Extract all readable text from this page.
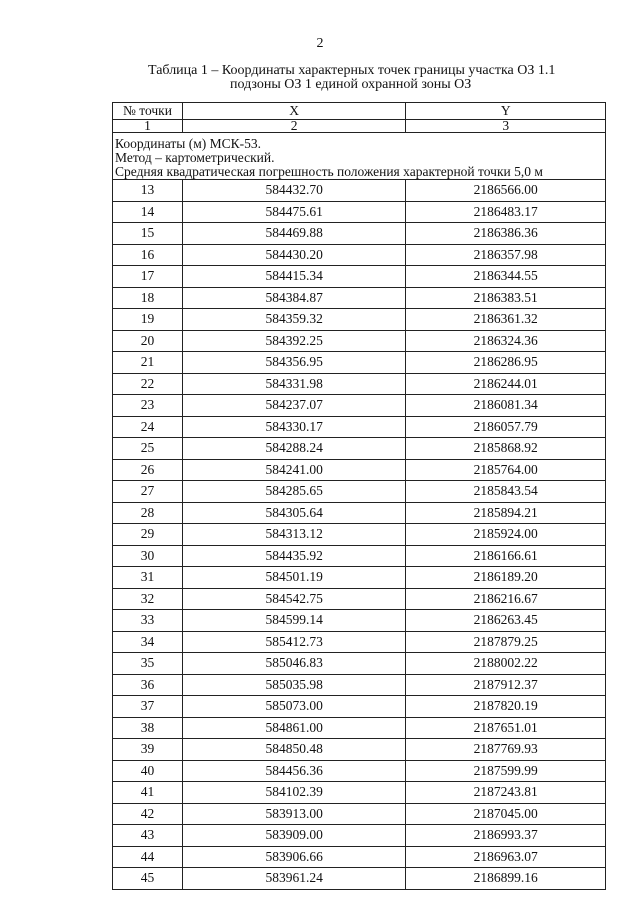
2
Таблица 1 – Координаты характерных точек границы участка ОЗ 1.1
подзоны ОЗ 1 единой охранной зоны ОЗ
№ точки	X	Y
1	2	3

Координаты (м) МСК-53.
Метод – картометрический.
Средняя квадратическая погрешность положения характерной точки 5,0 м		

13	584432.70	2186566.00
14	584475.61	2186483.17
15	584469.88	2186386.36
16	584430.20	2186357.98
17	584415.34	2186344.55
18	584384.87	2186383.51
19	584359.32	2186361.32
20	584392.25	2186324.36
21	584356.95	2186286.95
22	584331.98	2186244.01
23	584237.07	2186081.34
24	584330.17	2186057.79
25	584288.24	2185868.92
26	584241.00	2185764.00
27	584285.65	2185843.54
28	584305.64	2185894.21
29	584313.12	2185924.00
30	584435.92	2186166.61
31	584501.19	2186189.20
32	584542.75	2186216.67
33	584599.14	2186263.45
34	585412.73	2187879.25
35	585046.83	2188002.22
36	585035.98	2187912.37
37	585073.00	2187820.19
38	584861.00	2187651.01
39	584850.48	2187769.93
40	584456.36	2187599.99
41	584102.39	2187243.81
42	583913.00	2187045.00
43	583909.00	2186993.37
44	583906.66	2186963.07
45	583961.24	2186899.16
